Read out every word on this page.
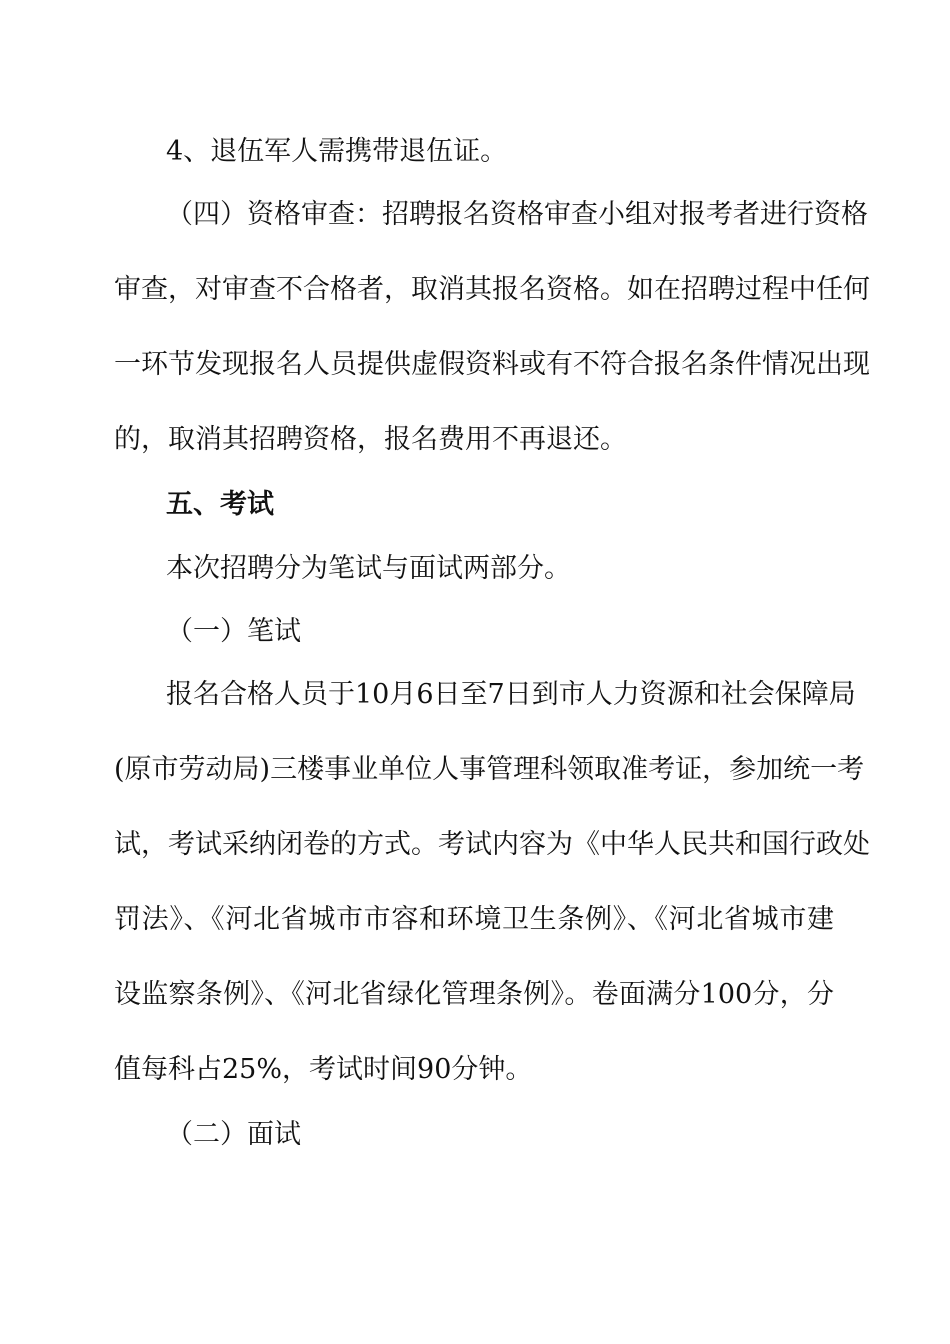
4、退伍军人需携带退伍证。
（四）资格审查：招聘报名资格审查小组对报考者进行资格
审查，对审查不合格者，取消其报名资格。如在招聘过程中任何
一环节发现报名人员提供虚假资料或有不符合报名条件情况出现
的，取消其招聘资格，报名费用不再退还。
五、考试
本次招聘分为笔试与面试两部分。
（一）笔试
报名合格人员于10月6日至7日到市人力资源和社会保障局
(原市劳动局)三楼事业单位人事管理科领取准考证，参加统一考
试，考试采纳闭卷的方式。考试内容为《中华人民共和国行政处
罚法》、《河北省城市市容和环境卫生条例》、《河北省城市建
设监察条例》、《河北省绿化管理条例》。卷面满分100分，分
值每科占25%，考试时间90分钟。
（二）面试
